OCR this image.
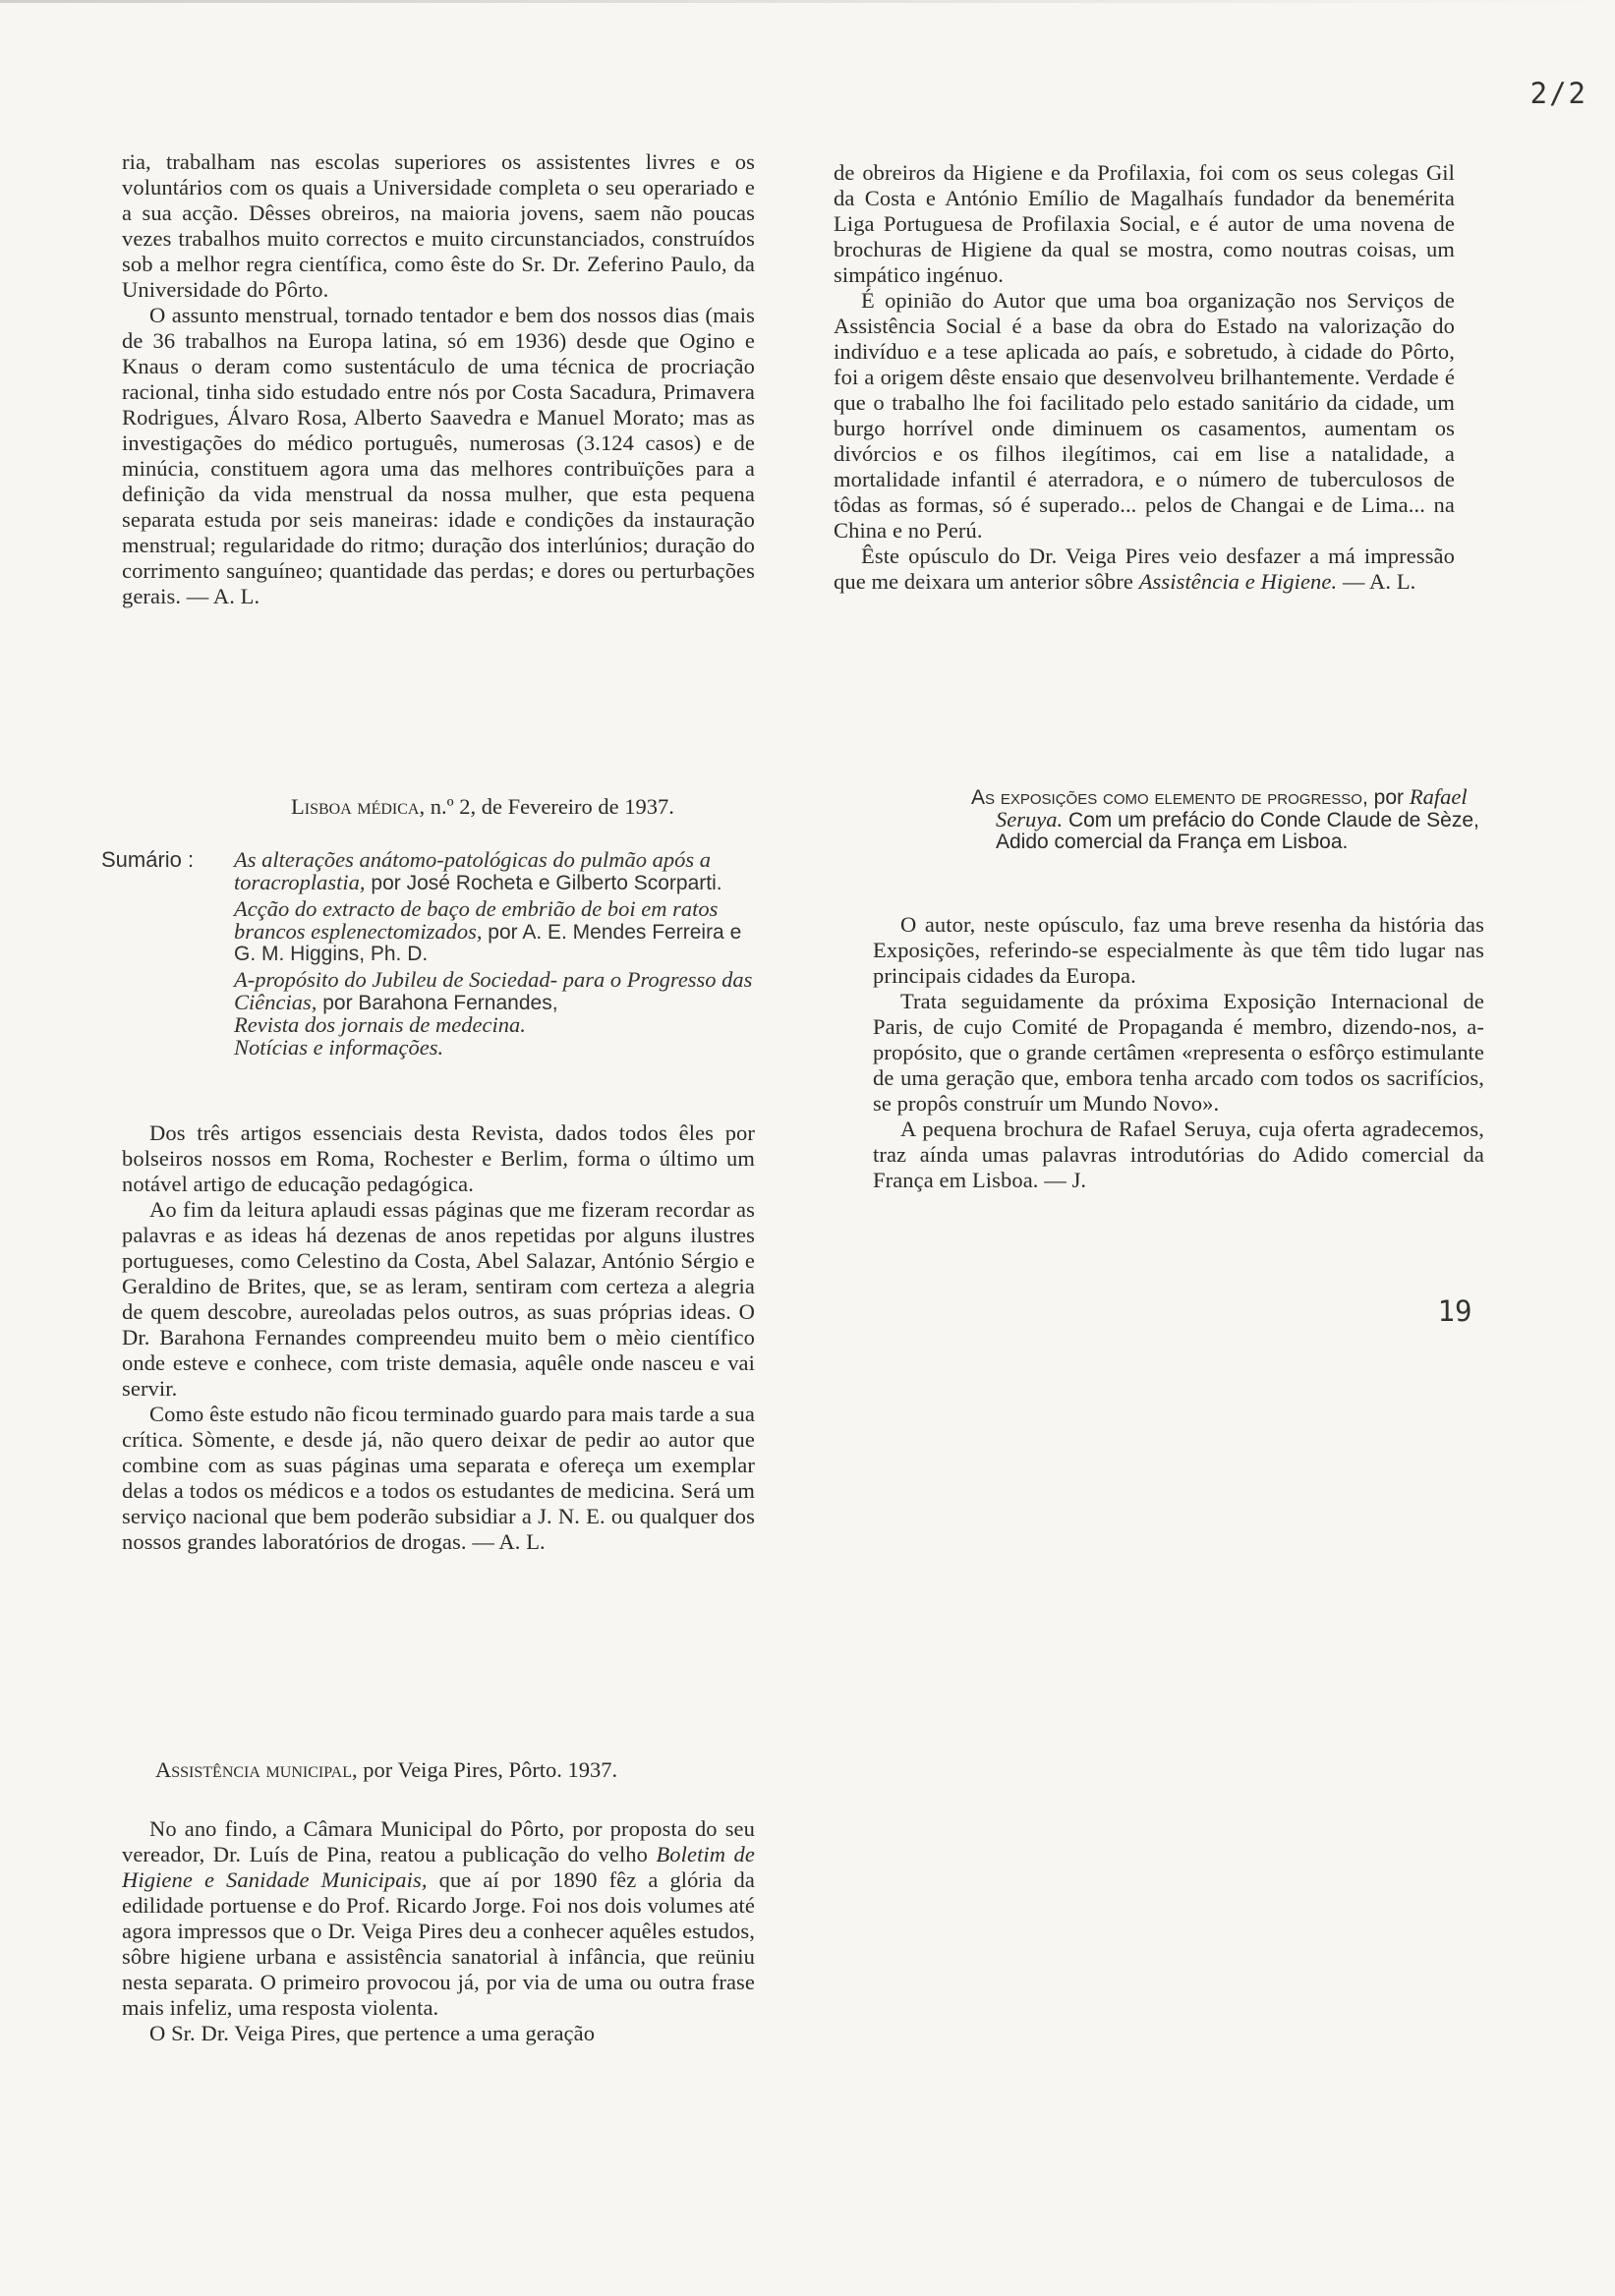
2/2

ria, trabalham nas escolas superiores os assistentes livres e os voluntários com os quais a Universidade completa o seu operariado e a sua acção. Dêsses obreiros, na maioria jovens, saem não poucas vezes trabalhos muito correctos e muito circunstanciados, construídos sob a melhor regra científica, como êste do Sr. Dr. Zeferino Paulo, da Universidade do Pôrto.

O assunto menstrual, tornado tentador e bem dos nossos dias (mais de 36 trabalhos na Europa latina, só em 1936) desde que Ogino e Knaus o deram como sustentáculo de uma técnica de procriação racional, tinha sido estudado entre nós por Costa Sacadura, Primavera Rodrigues, Álvaro Rosa, Alberto Saavedra e Manuel Morato; mas as investigações do médico português, numerosas (3.124 casos) e de minúcia, constituem agora uma das melhores contribuïções para a definição da vida menstrual da nossa mulher, que esta pequena separata estuda por seis maneiras: idade e condições da instauração menstrual; regularidade do ritmo; duração dos interlúnios; duração do corrimento sanguíneo; quantidade das perdas; e dores ou perturbações gerais. — A. L.

Lisboa médica, n.º 2, de Fevereiro de 1937.
Sumário : As alterações anátomo-patológicas do pulmão após a toracroplastia, por José Rocheta e Gilberto Scorparti.

Acção do extracto de baço de embrião de boi em ratos brancos esplenectomizados, por A. E. Mendes Ferreira e G. M. Higgins, Ph. D.

A-propósito do Jubileu de Sociedad- para o Progresso das Ciências, por Barahona Fernandes,

Revista dos jornais de medecina.

Notícias e informações.

Dos três artigos essenciais desta Revista, dados todos êles por bolseiros nossos em Roma, Rochester e Berlim, forma o último um notável artigo de educação pedagógica.

Ao fim da leitura aplaudi essas páginas que me fizeram recordar as palavras e as ideas há dezenas de anos repetidas por alguns ilustres portugueses, como Celestino da Costa, Abel Salazar, António Sérgio e Geraldino de Brites, que, se as leram, sentiram com certeza a alegria de quem descobre, aureoladas pelos outros, as suas próprias ideas. O Dr. Barahona Fernandes compreendeu muito bem o mèio científico onde esteve e conhece, com triste demasia, aquêle onde nasceu e vai servir.

Como êste estudo não ficou terminado guardo para mais tarde a sua crítica. Sòmente, e desde já, não quero deixar de pedir ao autor que combine com as suas páginas uma separata e ofereça um exemplar delas a todos os médicos e a todos os estudantes de medicina. Será um serviço nacional que bem poderão subsidiar a J. N. E. ou qualquer dos nossos grandes laboratórios de drogas. — A. L.

Assistência municipal, por Veiga Pires, Pôrto. 1937.

No ano findo, a Câmara Municipal do Pôrto, por proposta do seu vereador, Dr. Luís de Pina, reatou a publicação do velho Boletim de Higiene e Sanidade Municipais, que aí por 1890 fêz a glória da edilidade portuense e do Prof. Ricardo Jorge. Foi nos dois volumes até agora impressos que o Dr. Veiga Pires deu a conhecer aquêles estudos, sôbre higiene urbana e assistência sanatorial à infância, que reüniu nesta separata. O primeiro provocou já, por via de uma ou outra frase mais infeliz, uma resposta violenta.

O Sr. Dr. Veiga Pires, que pertence a uma geração

de obreiros da Higiene e da Profilaxia, foi com os seus colegas Gil da Costa e António Emílio de Magalhaís fundador da benemérita Liga Portuguesa de Profilaxia Social, e é autor de uma novena de brochuras de Higiene da qual se mostra, como noutras coisas, um simpático ingénuo.

É opinião do Autor que uma boa organização nos Serviços de Assistência Social é a base da obra do Estado na valorização do indivíduo e a tese aplicada ao país, e sobretudo, à cidade do Pôrto, foi a origem dêste ensaio que desenvolveu brilhantemente. Verdade é que o trabalho lhe foi facilitado pelo estado sanitário da cidade, um burgo horrível onde diminuem os casamentos, aumentam os divórcios e os filhos ilegítimos, cai em lise a natalidade, a mortalidade infantil é aterradora, e o número de tuberculosos de tôdas as formas, só é superado... pelos de Changai e de Lima... na China e no Perú.

Êste opúsculo do Dr. Veiga Pires veio desfazer a má impressão que me deixara um anterior sôbre Assistência e Higiene. — A. L.

As exposições como elemento de progresso, por Rafael Seruya. Com um prefácio do Conde Claude de Sèze, Adido comercial da França em Lisboa.

O autor, neste opúsculo, faz uma breve resenha da história das Exposições, referindo-se especialmente às que têm tido lugar nas principais cidades da Europa.

Trata seguidamente da próxima Exposição Internacional de Paris, de cujo Comité de Propaganda é membro, dizendo-nos, a-propósito, que o grande certâmen «representa o esfôrço estimulante de uma geração que, embora tenha arcado com todos os sacrifícios, se propôs construír um Mundo Novo».

A pequena brochura de Rafael Seruya, cuja oferta agradecemos, traz aínda umas palavras introdutórias do Adido comercial da França em Lisboa. — J.

19
